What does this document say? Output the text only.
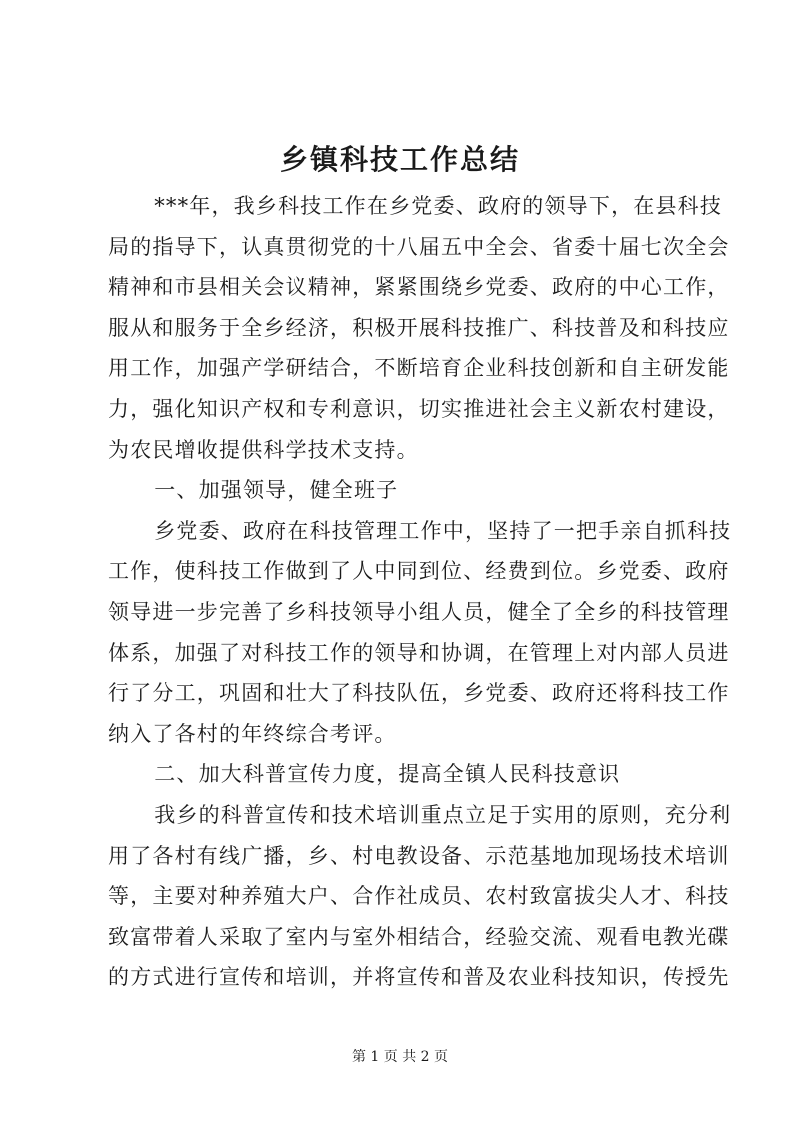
乡镇科技工作总结

***年，我乡科技工作在乡党委、政府的领导下，在县科技
局的指导下，认真贯彻党的十八届五中全会、省委十届七次全会
精神和市县相关会议精神，紧紧围绕乡党委、政府的中心工作，
服从和服务于全乡经济，积极开展科技推广、科技普及和科技应
用工作，加强产学研结合，不断培育企业科技创新和自主研发能
力，强化知识产权和专利意识，切实推进社会主义新农村建设，
为农民增收提供科学技术支持。

一、加强领导，健全班子

乡党委、政府在科技管理工作中，坚持了一把手亲自抓科技
工作，使科技工作做到了人中同到位、经费到位。乡党委、政府
领导进一步完善了乡科技领导小组人员，健全了全乡的科技管理
体系，加强了对科技工作的领导和协调，在管理上对内部人员进
行了分工，巩固和壮大了科技队伍，乡党委、政府还将科技工作
纳入了各村的年终综合考评。

二、加大科普宣传力度，提高全镇人民科技意识

我乡的科普宣传和技术培训重点立足于实用的原则，充分利
用了各村有线广播，乡、村电教设备、示范基地加现场技术培训
等，主要对种养殖大户、合作社成员、农村致富拔尖人才、科技
致富带着人采取了室内与室外相结合，经验交流、观看电教光碟
的方式进行宣传和培训，并将宣传和普及农业科技知识，传授先

第 1 页 共 2 页
